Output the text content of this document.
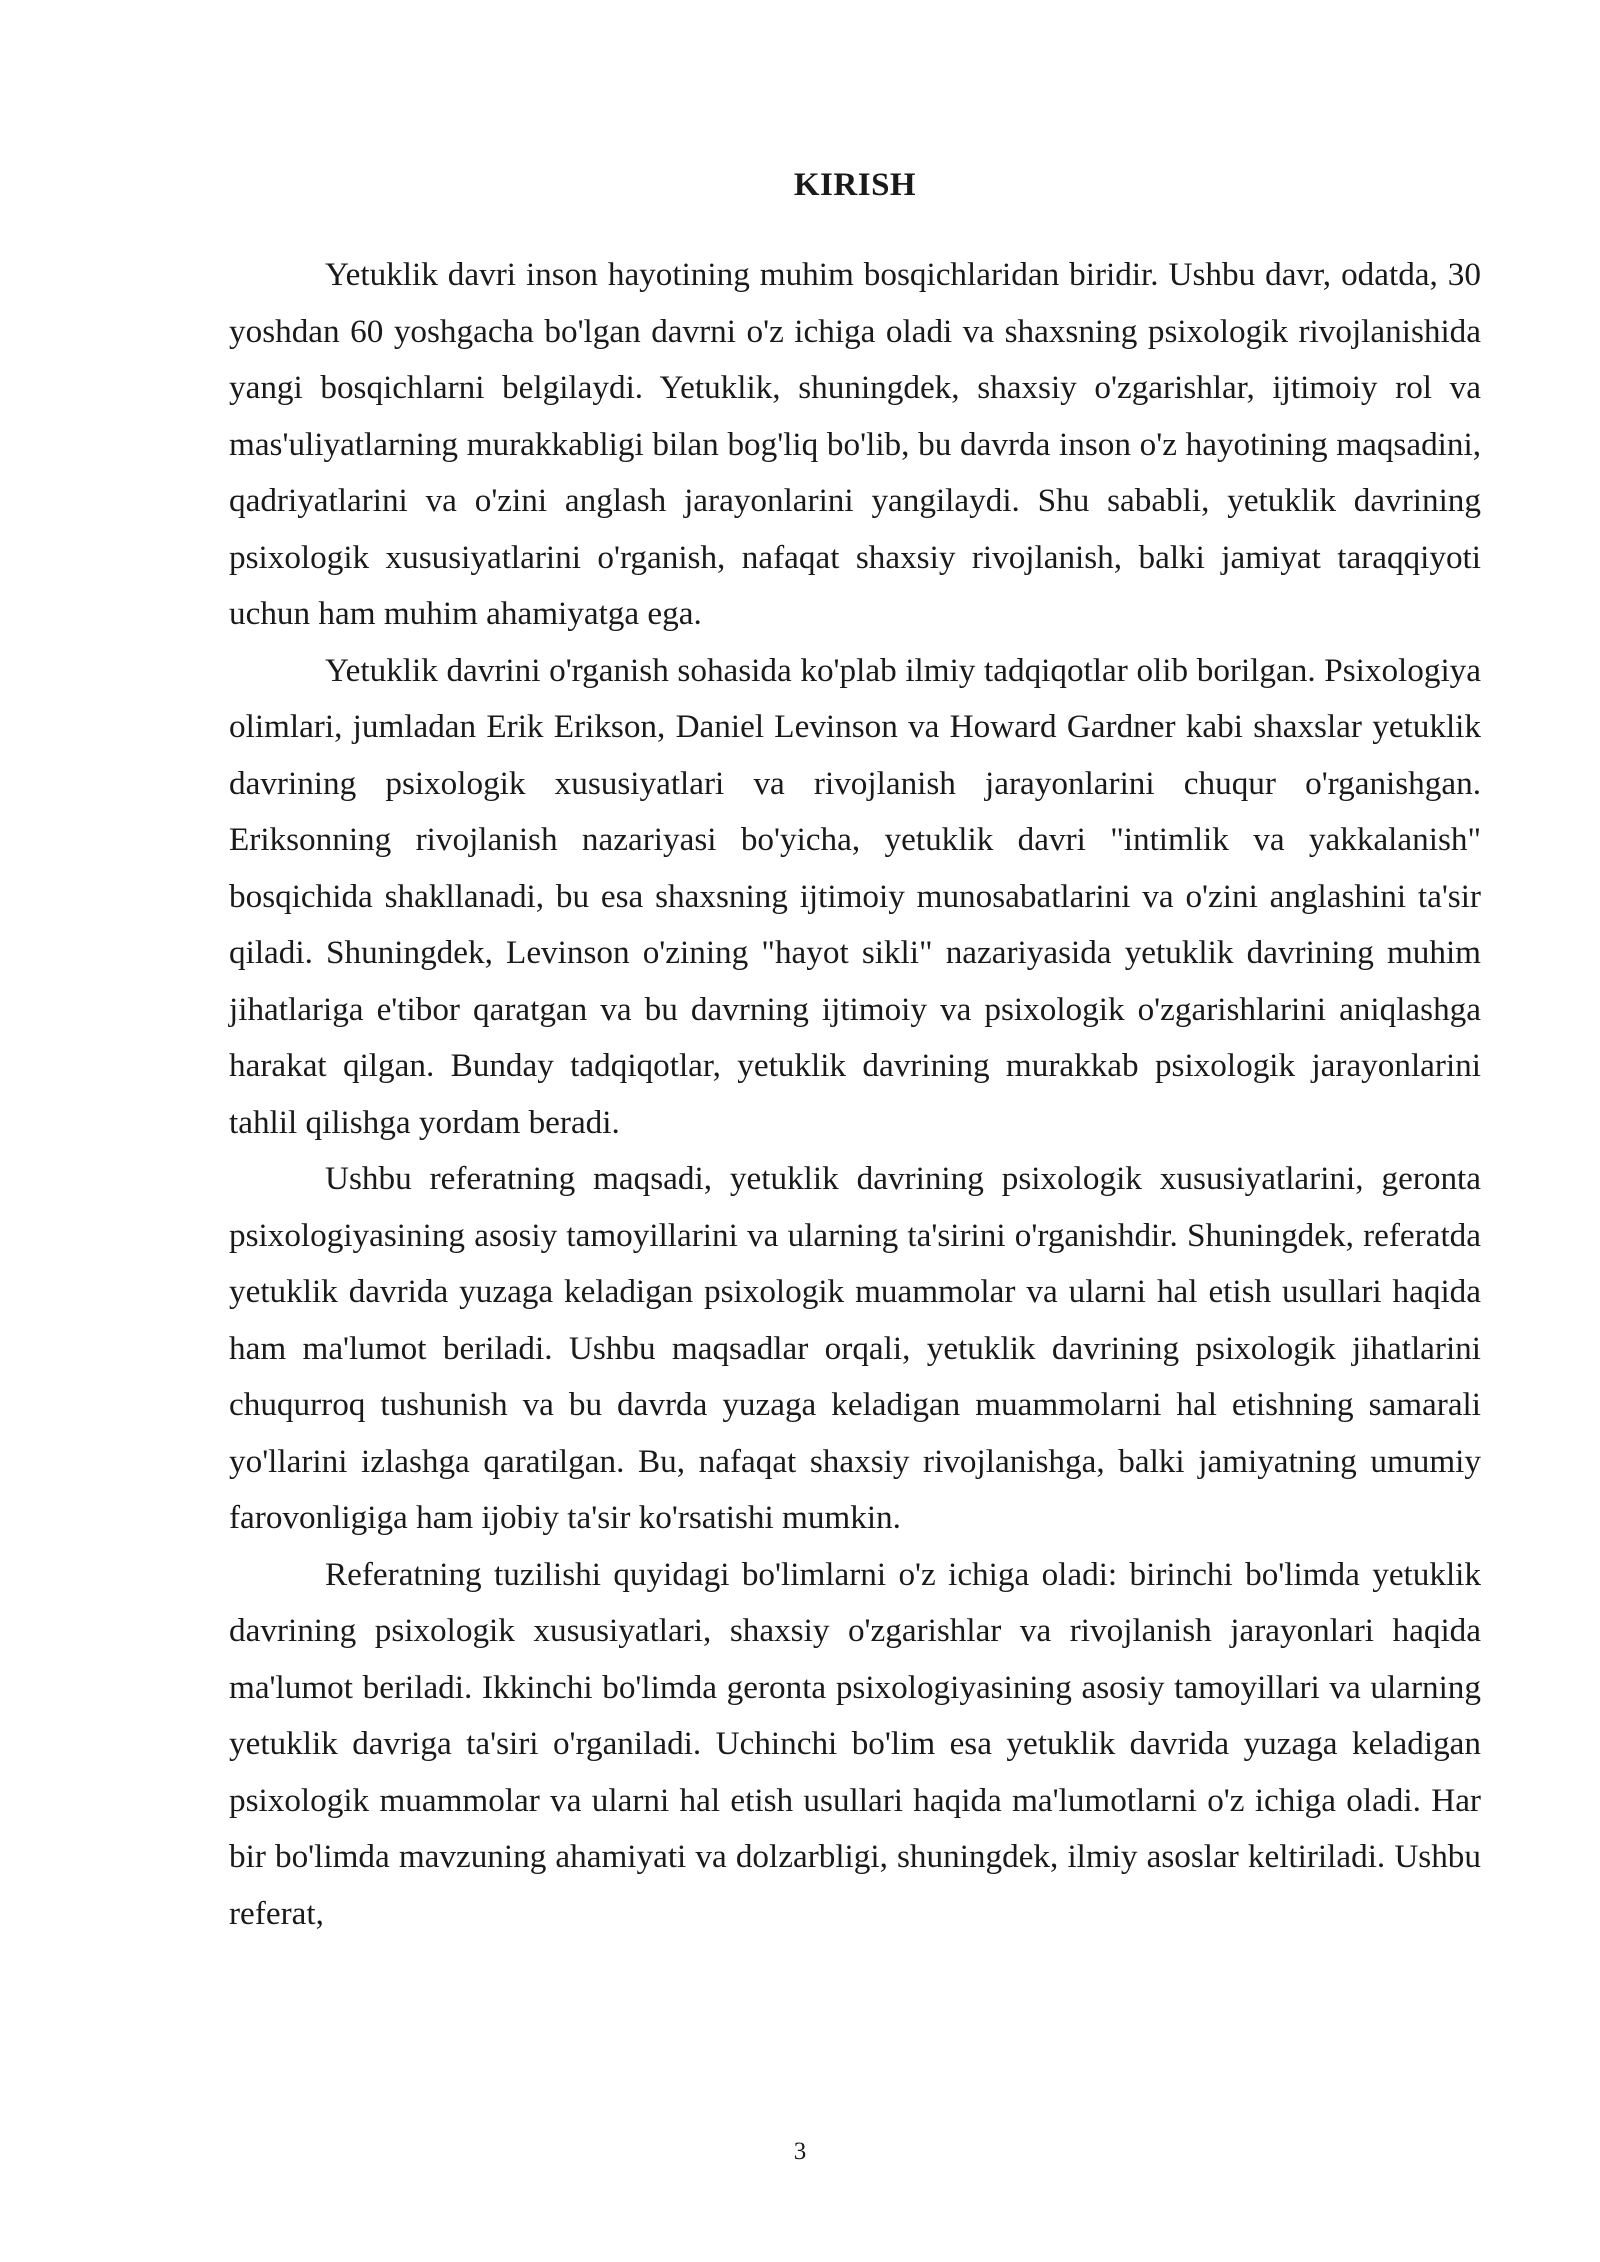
KIRISH

Yetuklik davri inson hayotining muhim bosqichlaridan biridir. Ushbu davr, odatda, 30 yoshdan 60 yoshgacha bo'lgan davrni o'z ichiga oladi va shaxsning psixologik rivojlanishida yangi bosqichlarni belgilaydi. Yetuklik, shuningdek, shaxsiy o'zgarishlar, ijtimoiy rol va mas'uliyatlarning murakkabligi bilan bog'liq bo'lib, bu davrda inson o'z hayotining maqsadini, qadriyatlarini va o'zini anglash jarayonlarini yangilaydi. Shu sababli, yetuklik davrining psixologik xususiyatlarini o'rganish, nafaqat shaxsiy rivojlanish, balki jamiyat taraqqiyoti uchun ham muhim ahamiyatga ega.

Yetuklik davrini o'rganish sohasida ko'plab ilmiy tadqiqotlar olib borilgan. Psixologiya olimlari, jumladan Erik Erikson, Daniel Levinson va Howard Gardner kabi shaxslar yetuklik davrining psixologik xususiyatlari va rivojlanish jarayonlarini chuqur o'rganishgan. Eriksonning rivojlanish nazariyasi bo'yicha, yetuklik davri "intimlik va yakkalanish" bosqichida shakllanadi, bu esa shaxsning ijtimoiy munosabatlarini va o'zini anglashini ta'sir qiladi. Shuningdek, Levinson o'zining "hayot sikli" nazariyasida yetuklik davrining muhim jihatlariga e'tibor qaratgan va bu davrning ijtimoiy va psixologik o'zgarishlarini aniqlashga harakat qilgan. Bunday tadqiqotlar, yetuklik davrining murakkab psixologik jarayonlarini tahlil qilishga yordam beradi.

Ushbu referatning maqsadi, yetuklik davrining psixologik xususiyatlarini, geronta psixologiyasining asosiy tamoyillarini va ularning ta'sirini o'rganishdir. Shuningdek, referatda yetuklik davrida yuzaga keladigan psixologik muammolar va ularni hal etish usullari haqida ham ma'lumot beriladi. Ushbu maqsadlar orqali, yetuklik davrining psixologik jihatlarini chuqurroq tushunish va bu davrda yuzaga keladigan muammolarni hal etishning samarali yo'llarini izlashga qaratilgan. Bu, nafaqat shaxsiy rivojlanishga, balki jamiyatning umumiy farovonligiga ham ijobiy ta'sir ko'rsatishi mumkin.

Referatning tuzilishi quyidagi bo'limlarni o'z ichiga oladi: birinchi bo'limda yetuklik davrining psixologik xususiyatlari, shaxsiy o'zgarishlar va rivojlanish jarayonlari haqida ma'lumot beriladi. Ikkinchi bo'limda geronta psixologiyasining asosiy tamoyillari va ularning yetuklik davriga ta'siri o'rganiladi. Uchinchi bo'lim esa yetuklik davrida yuzaga keladigan psixologik muammolar va ularni hal etish usullari haqida ma'lumotlarni o'z ichiga oladi. Har bir bo'limda mavzuning ahamiyati va dolzarbligi, shuningdek, ilmiy asoslar keltiriladi. Ushbu referat,

3
